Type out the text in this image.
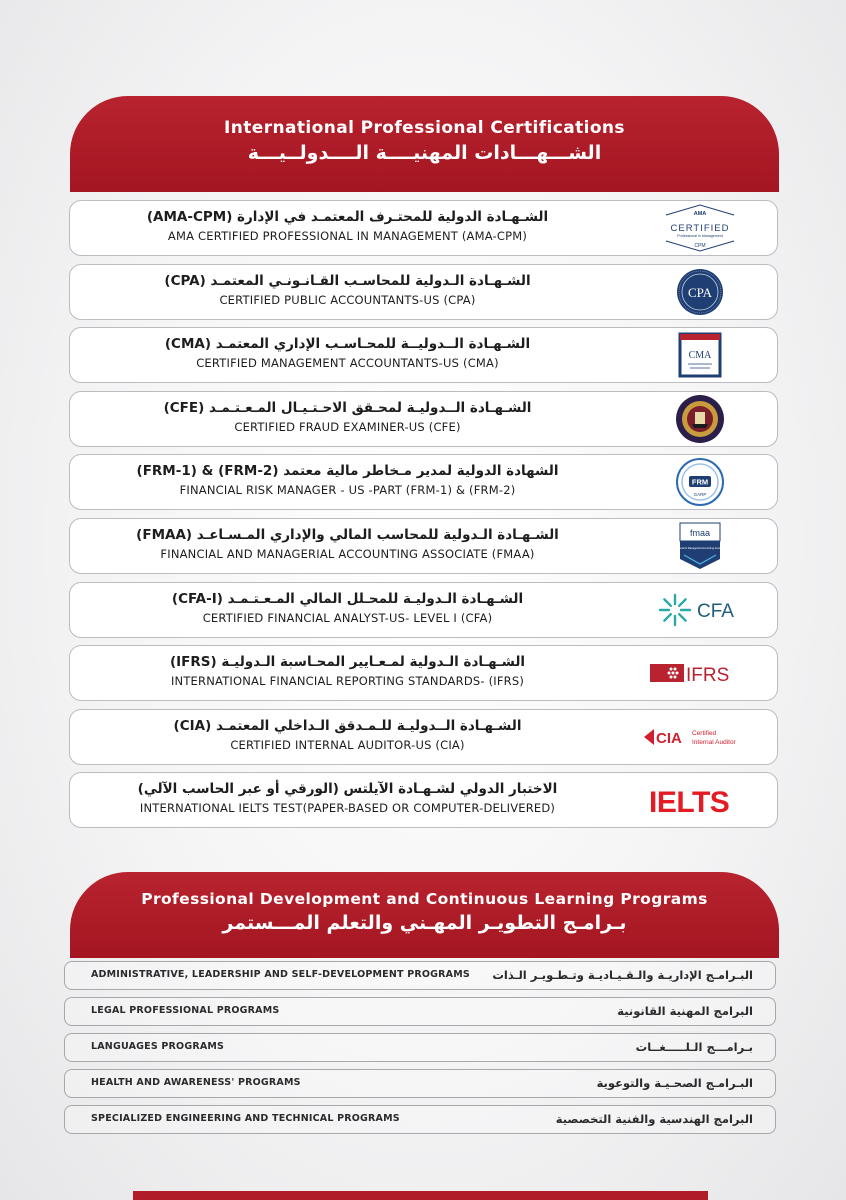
International Professional Certifications
الشـــهـــادات المهنيــــة الــــدولــيـــة
الشـهـادة الدولية للمحتـرف المعتمـد في الإدارة (AMA-CPM)
AMA CERTIFIED PROFESSIONAL IN MANAGEMENT (AMA-CPM)
AMA
CERTIFIED
Professional in Management
CPM
الشـهـادة الـدولية للمحاسـب القـانـونـي المعتمـد (CPA)
CERTIFIED PUBLIC ACCOUNTANTS-US (CPA)	CPA
الشـهـادة الــدوليــة للمحـاسـب الإداري المعتمـد (CMA)
CERTIFIED MANAGEMENT ACCOUNTANTS-US (CMA)
CMA
الشـهـادة الــدوليـة لمحـقق الاحـتـيـال المـعـتـمـد (CFE)
CERTIFIED FRAUD EXAMINER-US (CFE)
الشهادة الدولية لمدير مـخاطر مالية معتمد (FRM-2) & (FRM-1)
FINANCIAL RISK MANAGER - US -PART (FRM-1) & (FRM-2)
FRM
GARP
الشـهـادة الـدولية للمحاسب المالي والإداري المـسـاعـد (FMAA)
FINANCIAL AND MANAGERIAL ACCOUNTING ASSOCIATE (FMAA)
fmaa
Financial & Managerial Accounting Associate
الشـهـادة الـدوليـة للمحـلل المالي المـعـتـمـد (CFA-I)
CERTIFIED FINANCIAL ANALYST-US- LEVEL I (CFA)	CFA
الشـهـادة الـدولية لمـعـايير المحـاسبة الـدوليـة (IFRS)
INTERNATIONAL FINANCIAL REPORTING STANDARDS- (IFRS)	IFRS
الشـهـادة الــدوليـة للـمـدقق الـداخلي المعتمـد (CIA)
CERTIFIED INTERNAL AUDITOR-US (CIA)	CIA Certified
Internal Auditor
الاختبار الدولي لشـهـادة الآيلتس (الورقي أو عبر الحاسب الآلي)
INTERNATIONAL IELTS TEST(PAPER-BASED OR COMPUTER-DELIVERED)	IELTS
Professional Development and Continuous Learning Programs
بـرامـج التطويـر المهـني والتعلم المـــستمر
ADMINISTRATIVE, LEADERSHIP AND SELF-DEVELOPMENT PROGRAMS البـرامـج الإداريـة والـقـيـاديـة وتـطـويـر الـذات
LEGAL PROFESSIONAL PROGRAMS	البرامج المهنية القانونية
LANGUAGES PROGRAMS	بـرامـــج الـلـــــغــات
HEALTH AND AWARENESS' PROGRAMS	البـرامـج الصحـيـة والتوعوية
SPECIALIZED ENGINEERING AND TECHNICAL PROGRAMS	البرامج الهندسية والفنية التخصصية
